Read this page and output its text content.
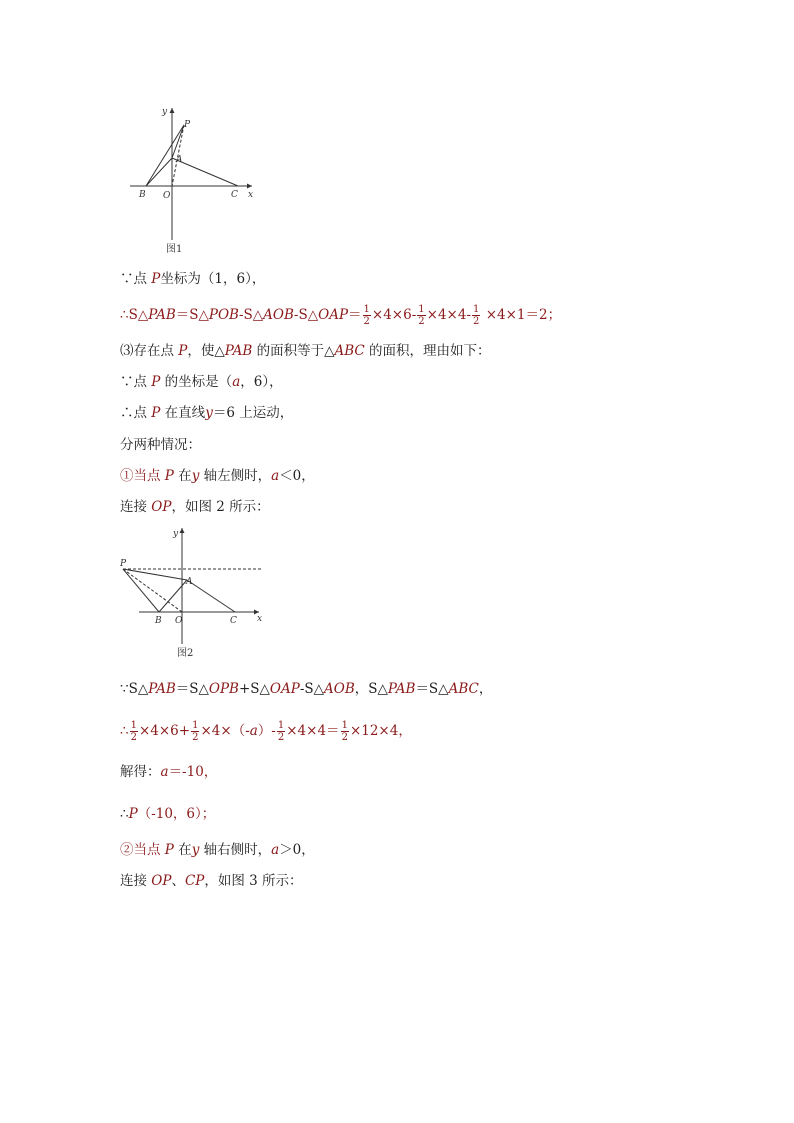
y
x
P
A
B O	C
图1
∵点 P坐标为（1，6），
∴S△PAB＝S△POB-S△AOB-S△OAP＝ $\frac{1}{2} \times 4\times 6- \frac{1}{2} \times 4\times 4- \frac{1}{2} \times 4\times 1=2$；
⑶存在点 P，使△PAB 的面积等于△ABC 的面积，理由如下：
∵点 P 的坐标是（a，6），
∴点 P 在直线y＝6 上运动，
分两种情况：
①当点 P 在y 轴左侧时，a＜0，
连接 OP，如图 2 所示：
y
x
P
A
B O	C
图2
∵S△PAB＝S△OPB+S△OAP-S△AOB，S△PAB＝S△ABC，
∴ $\frac{1}{2} \times 4\times 6+ \frac{1}{2} \times 4\times(-a)- \frac{1}{2} \times 4\times 4= \frac{1}{2} \times 12\times 4$，
解得：a＝-10，
∴P（-10，6）；
②当点 P 在y 轴右侧时，a＞0，
连接 OP、CP，如图 3 所示：
